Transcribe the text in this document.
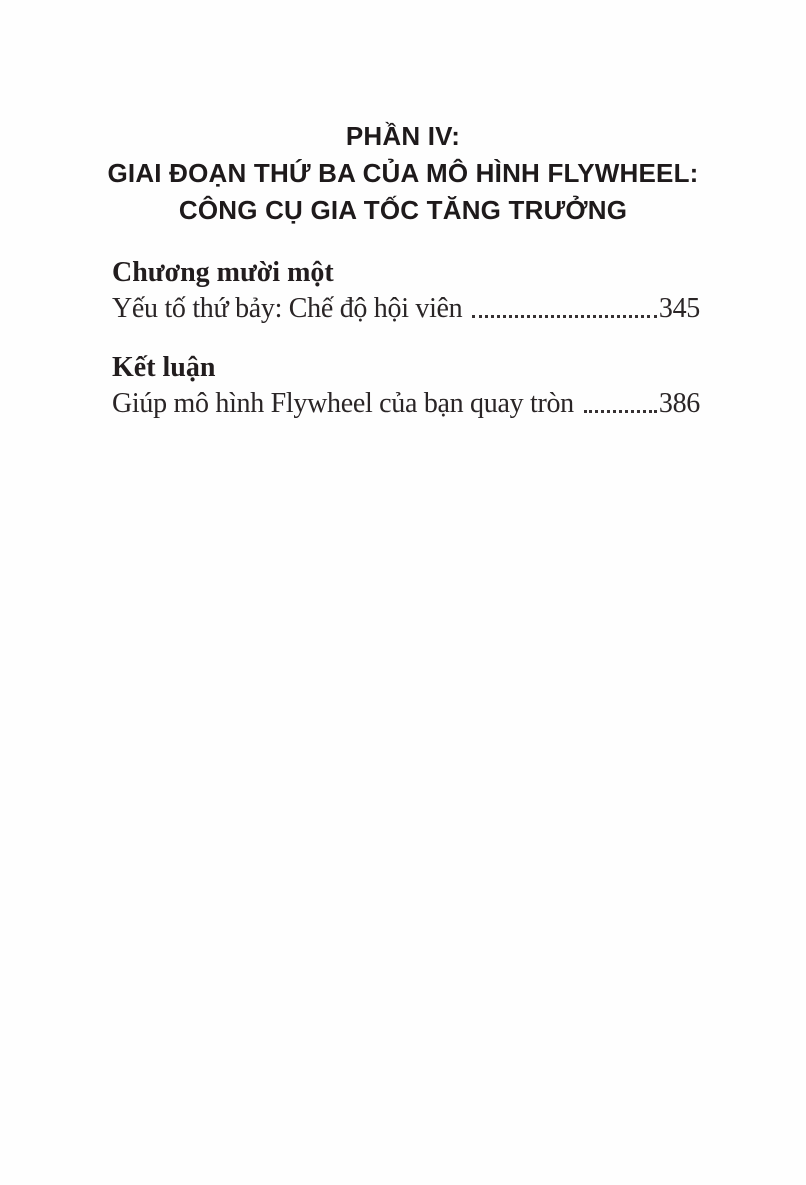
PHẦN IV:
GIAI ĐOẠN THỨ BA CỦA MÔ HÌNH FLYWHEEL:
CÔNG CỤ GIA TỐC TĂNG TRƯỞNG
Chương mười một
Yếu tố thứ bảy: Chế độ hội viên	345
Kết luận
Giúp mô hình Flywheel của bạn quay tròn	386
